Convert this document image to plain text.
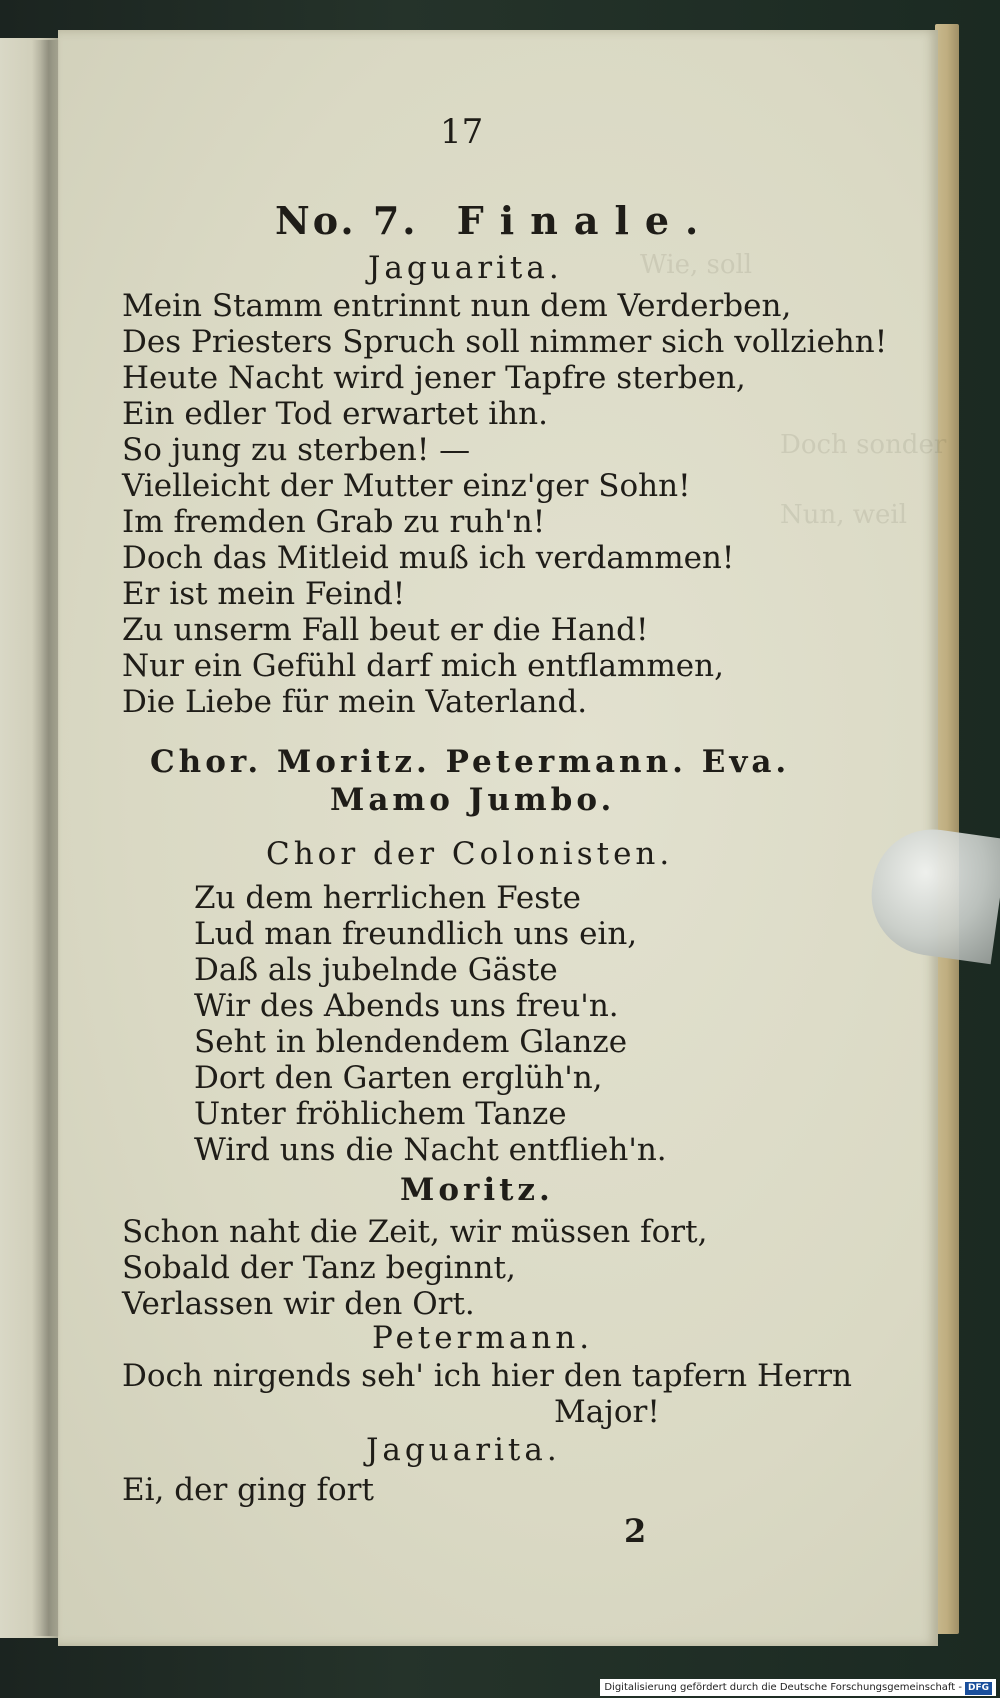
Wie, soll
Doch sonder
Nun, weil
17
No. 7. Finale.
Jaguarita.
Mein Stamm entrinnt nun dem Verderben,
Des Priesters Spruch soll nimmer sich vollziehn!
Heute Nacht wird jener Tapfre sterben,
Ein edler Tod erwartet ihn.
So jung zu sterben! —
Vielleicht der Mutter einz'ger Sohn!
Im fremden Grab zu ruh'n!
Doch das Mitleid muß ich verdammen!
Er ist mein Feind!
Zu unserm Fall beut er die Hand!
Nur ein Gefühl darf mich entflammen,
Die Liebe für mein Vaterland.
Chor. Moritz. Petermann. Eva.
Mamo Jumbo.
Chor der Colonisten.
Zu dem herrlichen Feste
Lud man freundlich uns ein,
Daß als jubelnde Gäste
Wir des Abends uns freu'n.
Seht in blendendem Glanze
Dort den Garten erglüh'n,
Unter fröhlichem Tanze
Wird uns die Nacht entflieh'n.
Moritz.
Schon naht die Zeit, wir müssen fort,
Sobald der Tanz beginnt,
Verlassen wir den Ort.
Petermann.
Doch nirgends seh' ich hier den tapfern Herrn
Major!
Jaguarita.
Ei, der ging fort
2
Digitalisierung gefördert durch die Deutsche Forschungsgemeinschaft - DFG
